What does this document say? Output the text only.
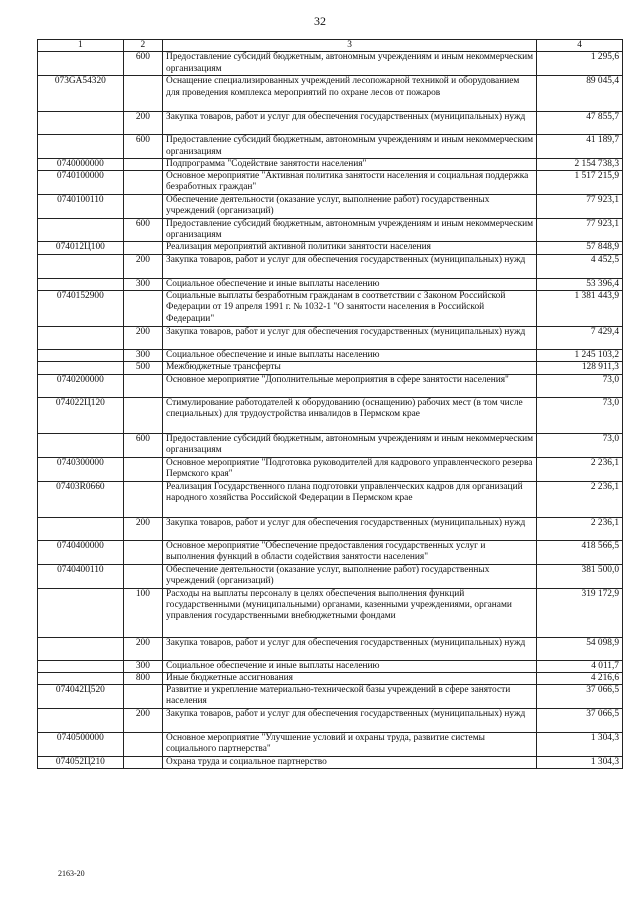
32
1	2	3	4
	600	Предоставление субсидий бюджетным, автономным учреждениям и иным некоммерческим организациям	1 295,6
073GA54320		Оснащение специализированных учреждений лесопожарной техникой и оборудованием для проведения комплекса мероприятий по охране лесов от пожаров	89 045,4
	200	Закупка товаров, работ и услуг для обеспечения государственных (муниципальных) нужд	47 855,7
	600	Предоставление субсидий бюджетным, автономным учреждениям и иным некоммерческим организациям	41 189,7
0740000000		Подпрограмма "Содействие занятости населения"	2 154 738,3
0740100000		Основное мероприятие "Активная политика занятости населения и социальная поддержка безработных граждан"	1 517 215,9
0740100110		Обеспечение деятельности (оказание услуг, выполнение работ) государственных учреждений (организаций)	77 923,1
	600	Предоставление субсидий бюджетным, автономным учреждениям и иным некоммерческим организациям	77 923,1
074012Ц100		Реализация мероприятий активной политики занятости населения	57 848,9
	200	Закупка товаров, работ и услуг для обеспечения государственных (муниципальных) нужд	4 452,5
	300	Социальное обеспечение и иные выплаты населению	53 396,4
0740152900		Социальные выплаты безработным гражданам в соответствии с Законом Российской Федерации от 19 апреля 1991 г. № 1032-1 "О занятости населения в Российской Федерации"	1 381 443,9
	200	Закупка товаров, работ и услуг для обеспечения государственных (муниципальных) нужд	7 429,4
	300	Социальное обеспечение и иные выплаты населению	1 245 103,2
	500	Межбюджетные трансферты	128 911,3
0740200000		Основное мероприятие "Дополнительные мероприятия в сфере занятости населения"	73,0
074022Ц120		Стимулирование работодателей к оборудованию (оснащению) рабочих мест (в том числе специальных) для трудоустройства инвалидов в Пермском крае	73,0
	600	Предоставление субсидий бюджетным, автономным учреждениям и иным некоммерческим организациям	73,0
0740300000		Основное мероприятие "Подготовка руководителей для кадрового управленческого резерва Пермского края"	2 236,1
07403R0660		Реализация Государственного плана подготовки управленческих кадров для организаций народного хозяйства Российской Федерации в Пермском крае	2 236,1
	200	Закупка товаров, работ и услуг для обеспечения государственных (муниципальных) нужд	2 236,1
0740400000		Основное мероприятие "Обеспечение предоставления государственных услуг и выполнения функций в области содействия занятости населения"	418 566,5
0740400110		Обеспечение деятельности (оказание услуг, выполнение работ) государственных учреждений (организаций)	381 500,0
	100	Расходы на выплаты персоналу в целях обеспечения выполнения функций государственными (муниципальными) органами, казенными учреждениями, органами управления государственными внебюджетными фондами	319 172,9
	200	Закупка товаров, работ и услуг для обеспечения государственных (муниципальных) нужд	54 098,9
	300	Социальное обеспечение и иные выплаты населению	4 011,7
	800	Иные бюджетные ассигнования	4 216,6
074042Ц520		Развитие и укрепление материально-технической базы учреждений в сфере занятости населения	37 066,5
	200	Закупка товаров, работ и услуг для обеспечения государственных (муниципальных) нужд	37 066,5
0740500000		Основное мероприятие "Улучшение условий и охраны труда, развитие системы социального партнерства"	1 304,3
074052Ц210		Охрана труда и социальное партнерство	1 304,3
2163-20
